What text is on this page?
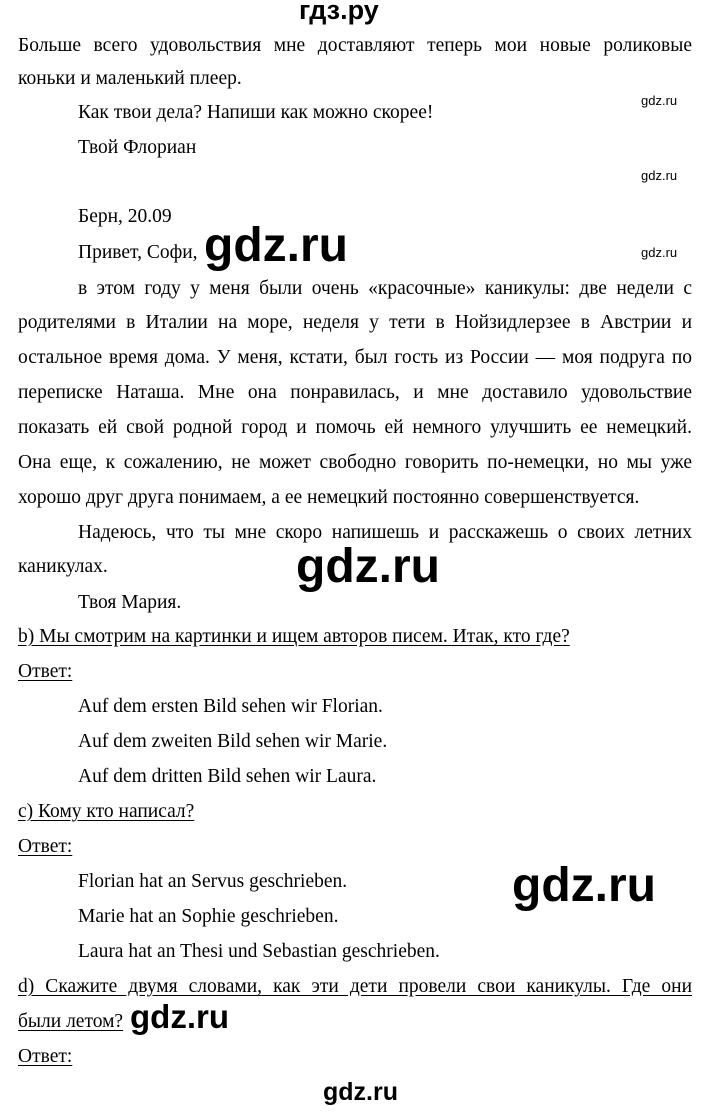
гдз.ру
Больше всего удовольствия мне доставляют теперь мои новые роликовые
коньки и маленький плеер.
Как твои дела? Напиши как можно скорее!
Твой Флориан
Берн, 20.09
Привет, Софи,
в этом году у меня были очень «красочные» каникулы: две недели с
родителями в Италии на море, неделя у тети в Нойзидлерзее в Австрии и
остальное время дома. У меня, кстати, был гость из России — моя подруга по
переписке Наташа. Мне она понравилась, и мне доставило удовольствие
показать ей свой родной город и помочь ей немного улучшить ее немецкий.
Она еще, к сожалению, не может свободно говорить по-немецки, но мы уже
хорошо друг друга понимаем, а ее немецкий постоянно совершенствуется.
Надеюсь, что ты мне скоро напишешь и расскажешь о своих летних
каникулах.
Твоя Мария.
b) Мы смотрим на картинки и ищем авторов писем. Итак, кто где?
Ответ:
Auf dem ersten Bild sehen wir Florian.
Auf dem zweiten Bild sehen wir Marie.
Auf dem dritten Bild sehen wir Laura.
c) Кому кто написал?
Ответ:
Florian hat an Servus geschrieben.
Marie hat an Sophie geschrieben.
Laura hat an Thesi und Sebastian geschrieben.
d) Скажите двумя словами, как эти дети провели свои каникулы. Где они
были летом?
Ответ:
gdz.ru
gdz.ru
gdz.ru
gdz.ru
gdz.ru
gdz.ru
gdz.ru
gdz.ru
